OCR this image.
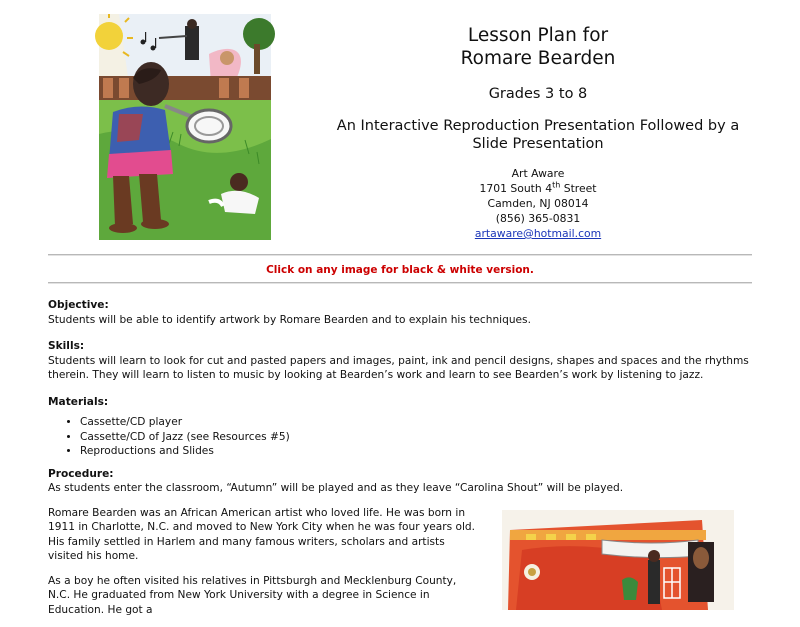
Lesson Plan for
Romare Bearden
Grades 3 to 8
An Interactive Reproduction Presentation Followed by a
Slide Presentation
Art Aware
1701 South 4th Street
Camden, NJ 08014
(856) 365-0831
artaware@hotmail.com
Click on any image for black & white version.
Objective:

Students will be able to identify artwork by Romare Bearden and to explain his techniques.

Skills:

Students will learn to look for cut and pasted papers and images, paint, ink and pencil designs, shapes and spaces and the rhythms therein. They will learn to listen to music by looking at Bearden’s work and learn to see Bearden’s work by listening to jazz.

Materials:
• Cassette/CD player
• Cassette/CD of Jazz (see Resources #5)
• Reproductions and Slides
Procedure:

As students enter the classroom, “Autumn” will be played and as they leave “Carolina Shout” will be played.

Romare Bearden was an African American artist who loved life. He was born in 1911 in Charlotte, N.C. and moved to New York City when he was four years old. His family settled in Harlem and many famous writers, scholars and artists visited his home.

As a boy he often visited his relatives in Pittsburgh and Mecklenburg County, N.C. He graduated from New York University with a degree in Science in Education. He got a
